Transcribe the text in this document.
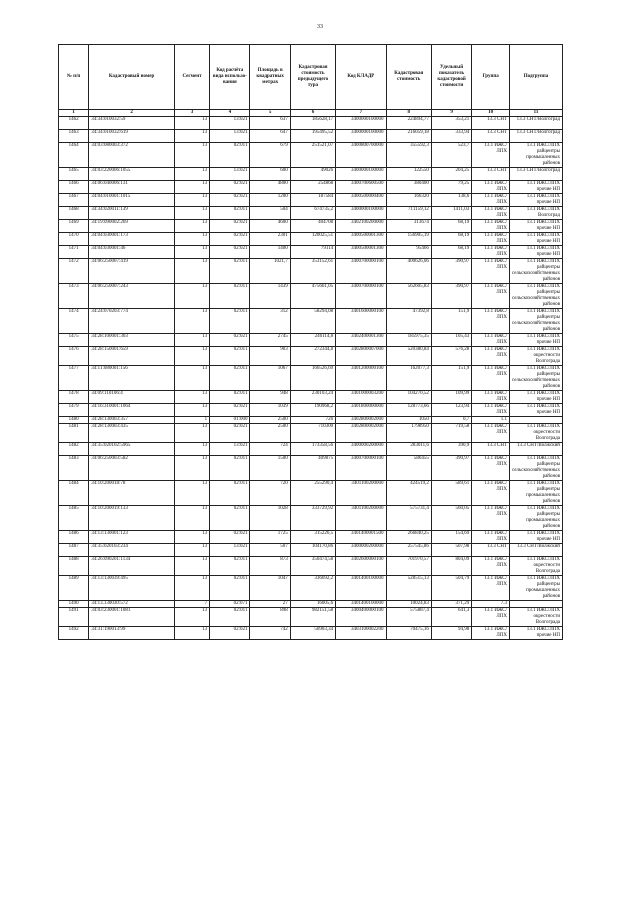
33
№ п/п	Кадастровый номер	Сегмент	Код расчёта вида использо- вания	Площадь в квадратных метрах	Кадастровая стоимость предыдущего тура	Код КЛАДР	Кадастровая стоимость	Удельный показатель кадастровой стоимости	Группа	Подгруппа
1	2	3	4	5	6	7	8	9	10	11
1462	34:34:010032:59	13	13:021	637	185628,17	3400000100000	224894,77	353,21	13.3 СНТ	13.3 СНТ/Волгоград
1463	34:34:010032:619	13	13:021	647	195495,52	3400000100000	216059,18	333,94	13.3 СНТ	13.3 СНТ/Волгоград
1464	34:03:080003:372	13	02:011	679	251521,07	3400800700000	355592,3	523,7	13.1 ИЖС/ЛПХ	13.1 ИЖС/ЛПХ райцентры промышленных районов
1465	34:03:220006:1055	13	13:021	600	49026	3400000100000	122550	204,25	13.3 СНТ	13.3 СНТ/Волгоград
1466	34:06:040006:131	13	02:021	4800	254868	3400700600500	380400	79,25	13.1 ИЖС/ЛПХ	13.1 ИЖС/ЛПХ прочие НП
1467	34:04:010001:1015	13	02:021	1200	187584	3400500000400	166320	138,6	13.1 ИЖС/ЛПХ	13.1 ИЖС/ЛПХ прочие НП
1468	34:34:020011:139	13	02:011	504	674735,2	3400000100000	711159,12	1411,03	13.1 ИЖС/ЛПХ	13.1 ИЖС/ЛПХ Волгоград
1469	34:19:090002:269	13	02:021	4600	404708	3402100200000	313674	68,19	13.1 ИЖС/ЛПХ	13.1 ИЖС/ЛПХ прочие НП
1470	34:04:030001:173	13	02:021	2301	120025,51	3400500001300	156905,19	68,19	13.1 ИЖС/ЛПХ	13.1 ИЖС/ЛПХ прочие НП
1471	34:04:030001:46	13	02:021	1400	79114	3400500001300	95466	68,19	13.1 ИЖС/ЛПХ	13.1 ИЖС/ЛПХ прочие НП
1472	34:06:250007:419	13	02:011	1021,7	353152,61	3400700000100	400626,06	390,97	13.1 ИЖС/ЛПХ	13.1 ИЖС/ЛПХ райцентры сельскохозяйственных районов
1473	34:06:250007:243	13	02:011	1439	475661,05	3400700000100	562605,83	390,97	13.1 ИЖС/ЛПХ	13.1 ИЖС/ЛПХ райцентры сельскохозяйственных районов
1474	34:24:070203:774	13	02:011	312	58294,08	3401600000100	47392,8	151,9	13.1 ИЖС/ЛПХ	13.1 ИЖС/ЛПХ райцентры сельскохозяйственных районов
1475	34:28:100001:303	13	02:021	2745	246114,8	3402400001300	185975,35	105,43	13.1 ИЖС/ЛПХ	13.1 ИЖС/ЛПХ прочие НП
1476	34:28:150001:659	13	02:011	903	272344,8	3402800007000	520380,84	576,28	13.1 ИЖС/ЛПХ	13.1 ИЖС/ЛПХ окрестности Волгограда
1477	34:11:080001:156	13	02:011	1067	166526,69	3401200000100	162077,3	151,9	13.1 ИЖС/ЛПХ	13.1 ИЖС/ЛПХ райцентры сельскохозяйственных районов
1478	34:09:110106:4	13	02:011	948	230103,24	3401000003200	104270,52	109,99	13.1 ИЖС/ЛПХ	13.1 ИЖС/ЛПХ прочие НП
1479	34:16:310001:1064	13	02:021	1039	190968,2	3401800000000	128773,66	123,94	13.1 ИЖС/ЛПХ	13.1 ИЖС/ЛПХ прочие НП
1480	34:28:130003:357	1	01:000	2500	726	3402800002000	1050	0,7	1.1	
1481	34:28:130003:435	13	02:021	2500	710300	3402800002000	1798950	719,58	13.1 ИЖС/ЛПХ	13.1 ИЖС/ЛПХ окрестности Волгограда
1482	34:35:020102:5965	13	13:021	724	173358,56	3400000200000	283011,6	390,9	13.3 СНТ	13.3 СНТ/Волжский
1483	34:06:250003:582	13	02:011	1500	409875	3400700000100	586455	390,97	13.1 ИЖС/ЛПХ	13.1 ИЖС/ЛПХ райцентры сельскохозяйственных районов
1484	34:10:200018:78	13	02:011	720	255290,4	3401100200000	424519,2	589,61	13.1 ИЖС/ЛПХ	13.1 ИЖС/ЛПХ райцентры промышленных районов
1485	34:10:200019:133	13	02:011	1028	333729,92	3401100200000	575731,4	560,05	13.1 ИЖС/ЛПХ	13.1 ИЖС/ЛПХ райцентры промышленных районов
1486	34:13:130001:123	13	02:021	1725	315226,5	3401400001500	266840,25	154,69	13.1 ИЖС/ЛПХ	13.1 ИЖС/ЛПХ прочие НП
1487	34:35:020103:234	13	13:021	507	104170,86	3400000200000	257545,86	507,98	13.3 СНТ	13.3 СНТ/Волжский
1488	34:26:090201:1134	13	02:011	873	350474,58	3402600000100	701970,57	804,09	13.1 ИЖС/ЛПХ	13.1 ИЖС/ЛПХ окрестности Волгограда
1489	34:13:130039:495	13	02:011	1047	336692,2	3401400100000	528515,13	504,79	13.1 ИЖС/ЛПХ	13.1 ИЖС/ЛПХ райцентры промышленных районов
1490	34:13.130030:572	7	02:071	27	16005,6	3401400100000	10024,83	371,29	7.3	
1491	34:03:230001:1081	13	02:011	898	982151,58	3400400000100	575887,4	641,3	13.1 ИЖС/ЛПХ	13.1 ИЖС/ЛПХ окрестности Волгограда
1492	34:31:190013:99	13	02:021	742	56903,34	3403100002200	70475,16	94,98	13.1 ИЖС/ЛПХ	13.1 ИЖС/ЛПХ прочие НП
